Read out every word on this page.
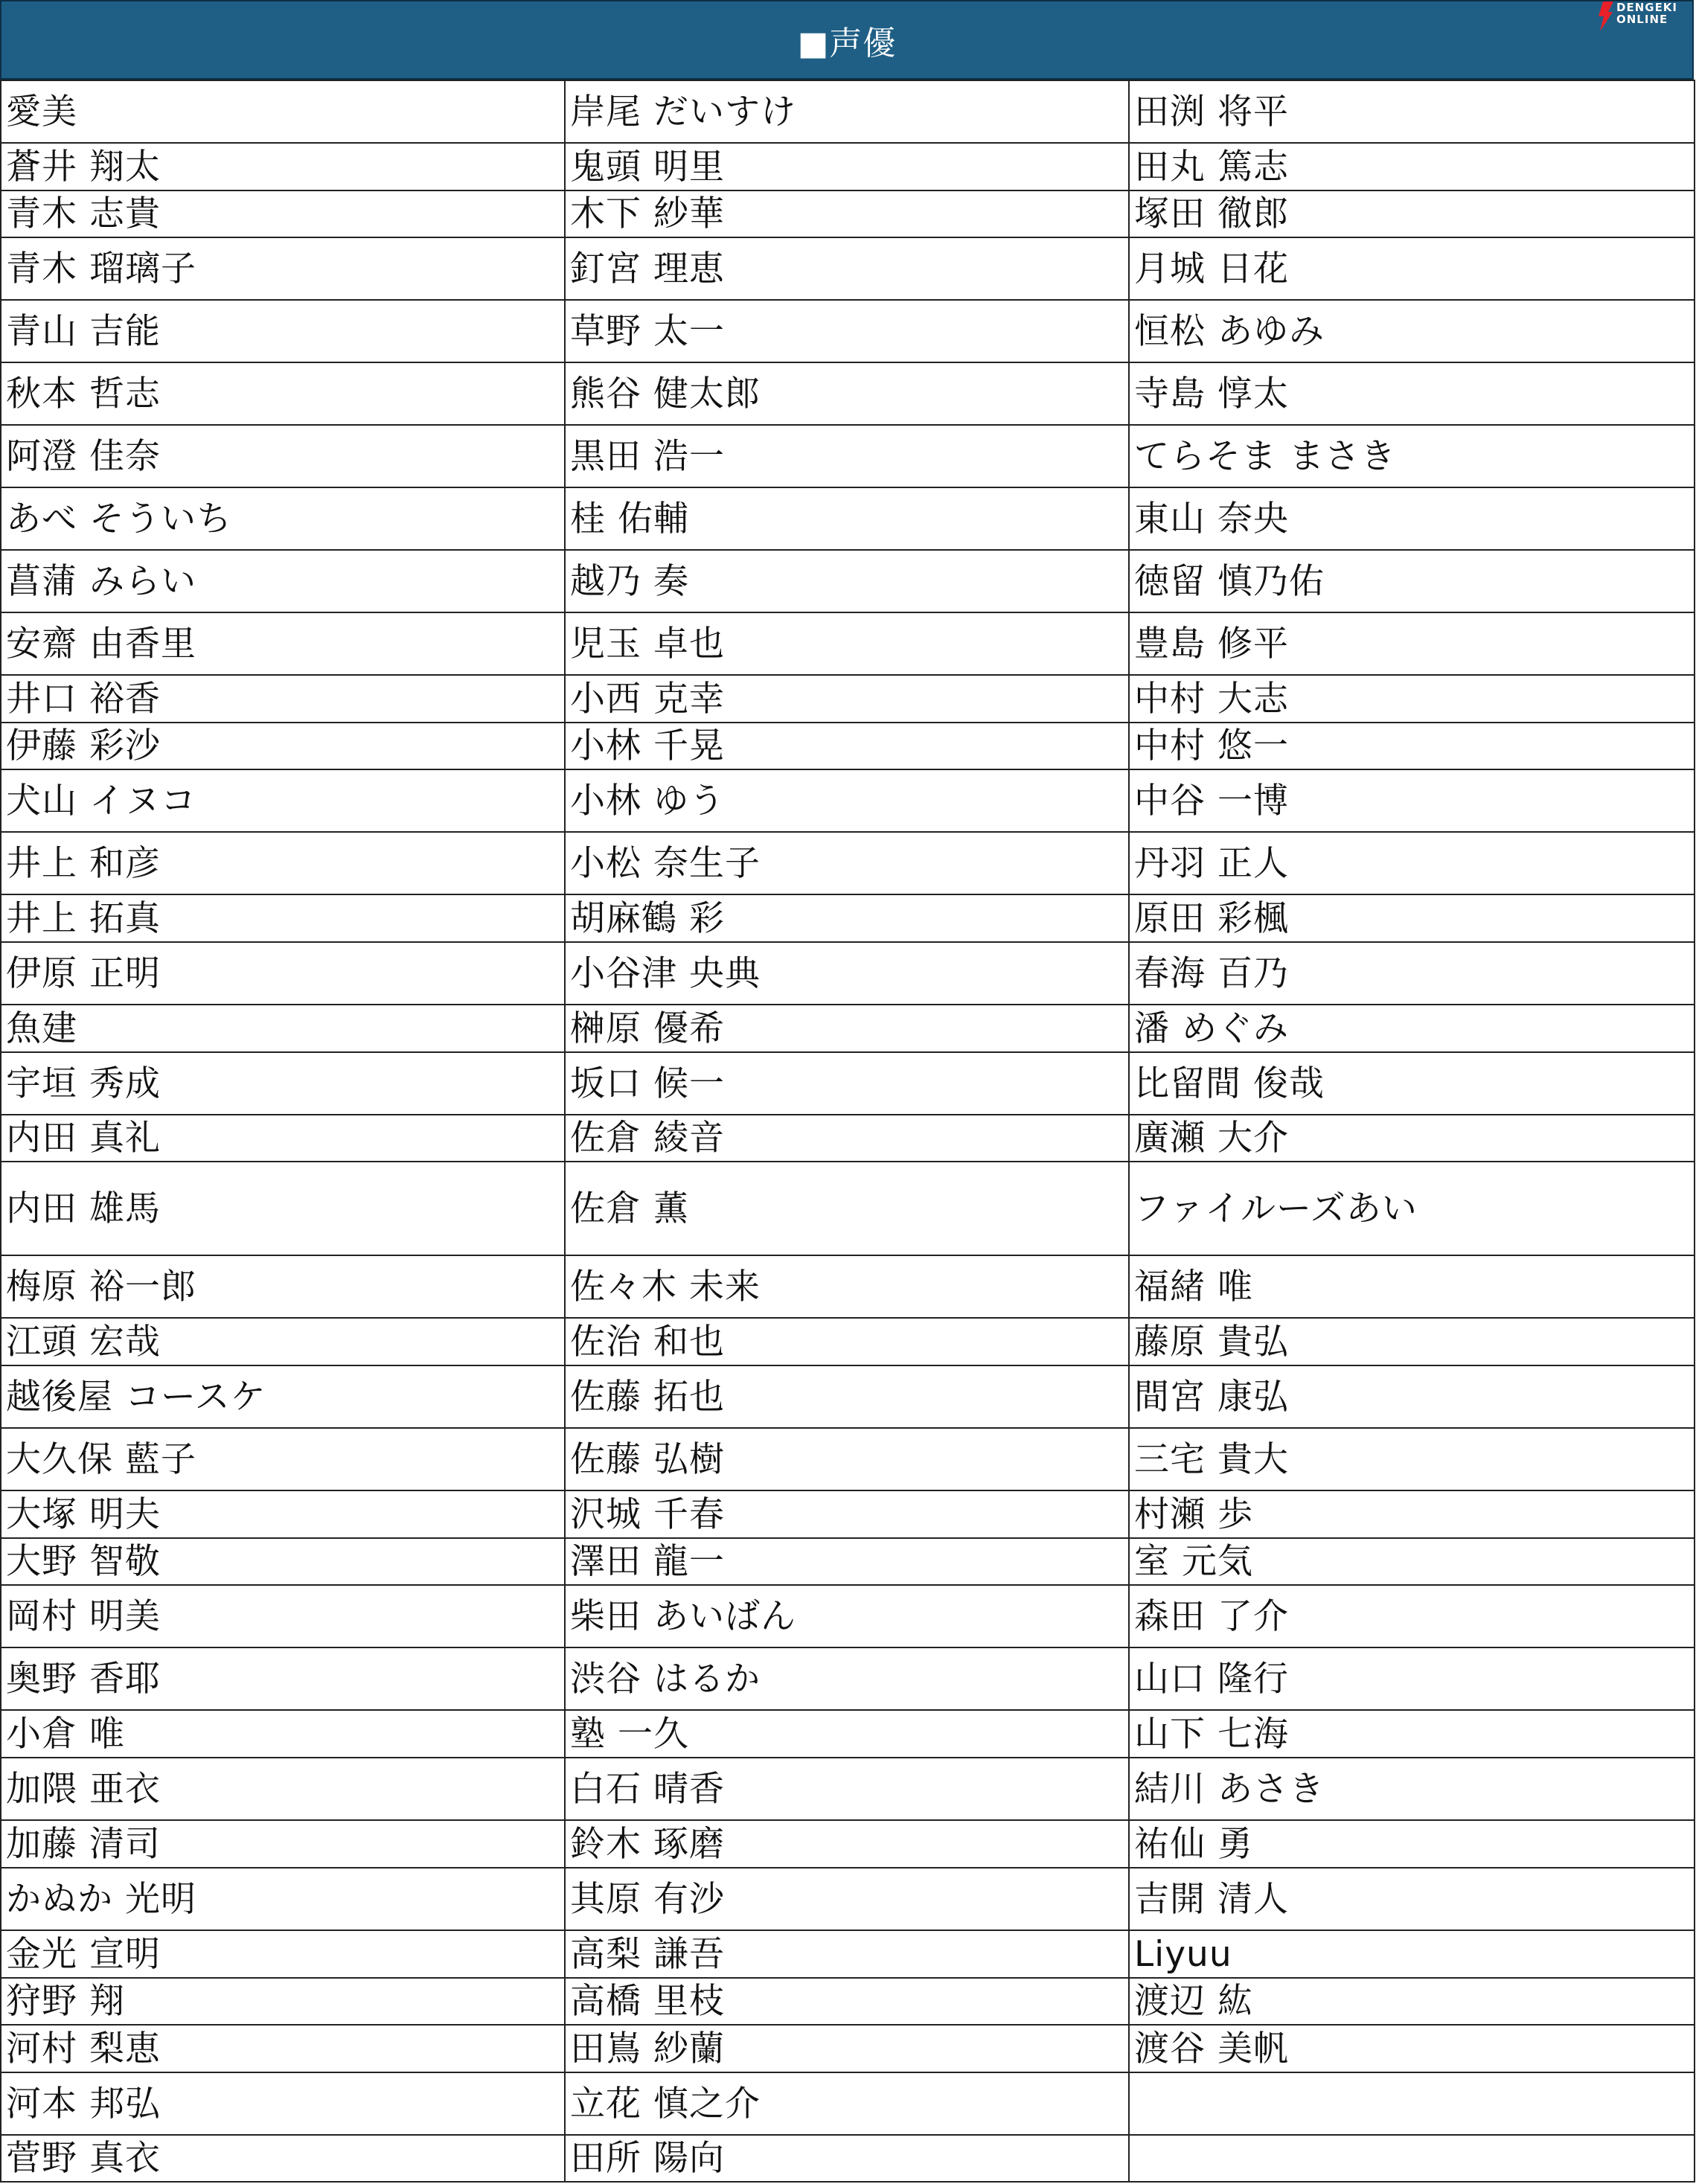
■声優
DENGEKI
ONLINE
愛美	岸尾 だいすけ	田渕 将平
蒼井 翔太	鬼頭 明里	田丸 篤志
青木 志貴	木下 紗華	塚田 徹郎
青木 瑠璃子	釘宮 理恵	月城 日花
青山 吉能	草野 太一	恒松 あゆみ
秋本 哲志	熊谷 健太郎	寺島 惇太
阿澄 佳奈	黒田 浩一	てらそま まさき
あべ そういち	桂 佑輔	東山 奈央
菖蒲 みらい	越乃 奏	徳留 慎乃佑
安齋 由香里	児玉 卓也	豊島 修平
井口 裕香	小西 克幸	中村 大志
伊藤 彩沙	小林 千晃	中村 悠一
犬山 イヌコ	小林 ゆう	中谷 一博
井上 和彦	小松 奈生子	丹羽 正人
井上 拓真	胡麻鶴 彩	原田 彩楓
伊原 正明	小谷津 央典	春海 百乃
魚建	榊原 優希	潘 めぐみ
宇垣 秀成	坂口 候一	比留間 俊哉
内田 真礼	佐倉 綾音	廣瀬 大介
内田 雄馬	佐倉 薫	ファイルーズあい
梅原 裕一郎	佐々木 未来	福緒 唯
江頭 宏哉	佐治 和也	藤原 貴弘
越後屋 コースケ	佐藤 拓也	間宮 康弘
大久保 藍子	佐藤 弘樹	三宅 貴大
大塚 明夫	沢城 千春	村瀬 歩
大野 智敬	澤田 龍一	室 元気
岡村 明美	柴田 あいばん	森田 了介
奥野 香耶	渋谷 はるか	山口 隆行
小倉 唯	塾 一久	山下 七海
加隈 亜衣	白石 晴香	結川 あさき
加藤 清司	鈴木 琢磨	祐仙 勇
かぬか 光明	其原 有沙	吉開 清人
金光 宣明	高梨 謙吾	Liyuu
狩野 翔	高橋 里枝	渡辺 紘
河村 梨恵	田嶌 紗蘭	渡谷 美帆
河本 邦弘	立花 慎之介	
菅野 真衣	田所 陽向	
